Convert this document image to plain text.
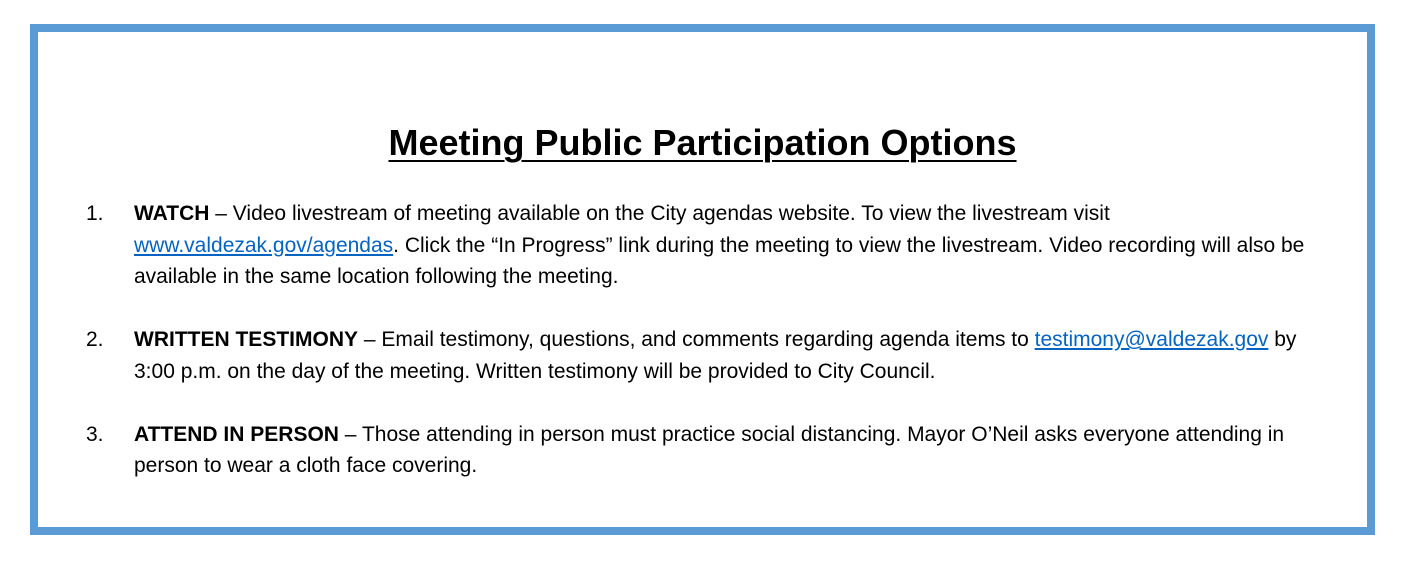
Meeting Public Participation Options
1. WATCH – Video livestream of meeting available on the City agendas website. To view the livestream visit www.valdezak.gov/agendas. Click the “In Progress” link during the meeting to view the livestream. Video recording will also be available in the same location following the meeting.
2. WRITTEN TESTIMONY – Email testimony, questions, and comments regarding agenda items to testimony@valdezak.gov by 3:00 p.m. on the day of the meeting. Written testimony will be provided to City Council.
3. ATTEND IN PERSON – Those attending in person must practice social distancing. Mayor O’Neil asks everyone attending in person to wear a cloth face covering.
